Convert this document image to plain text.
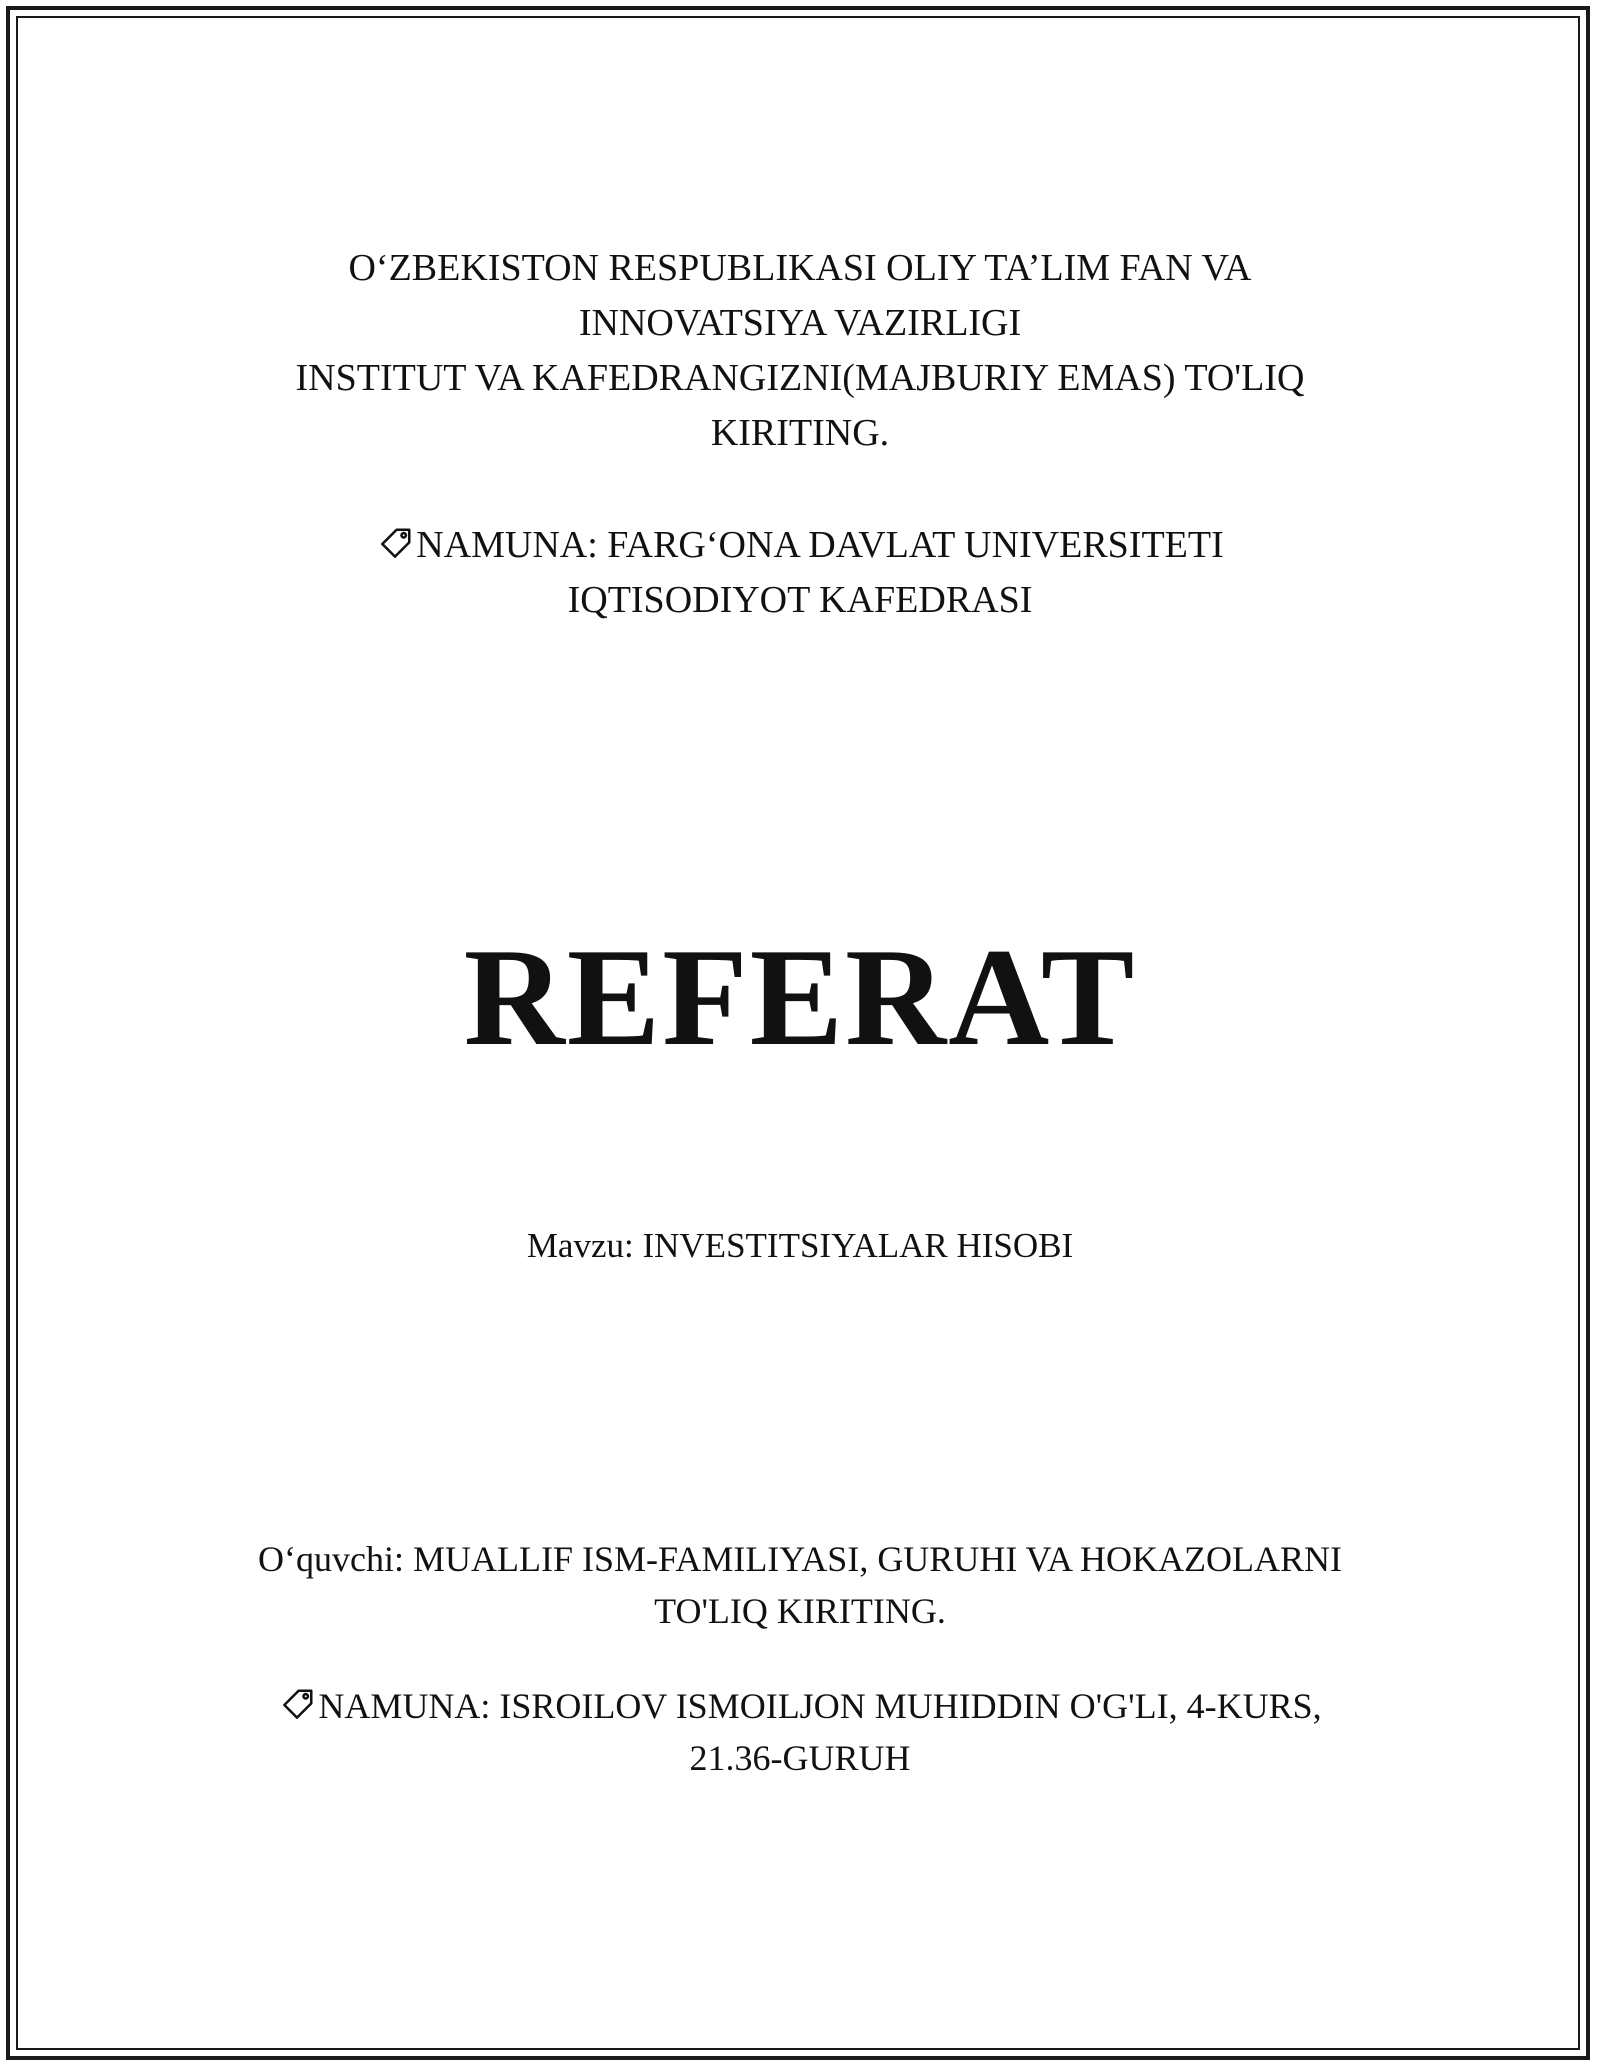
O‘ZBEKISTON RESPUBLIKASI OLIY TA’LIM FAN VA
INNOVATSIYA VAZIRLIGI
INSTITUT VA KAFEDRANGIZNI(MAJBURIY EMAS) TO'LIQ
KIRITING.
NAMUNA: FARG‘ONA DAVLAT UNIVERSITETI
IQTISODIYOT KAFEDRASI
REFERAT
Mavzu: INVESTITSIYALAR HISOBI
O‘quvchi: MUALLIF ISM-FAMILIYASI, GURUHI VA HOKAZOLARNI
TO'LIQ KIRITING.
NAMUNA: ISROILOV ISMOILJON MUHIDDIN O'G'LI, 4-KURS,
21.36-GURUH
